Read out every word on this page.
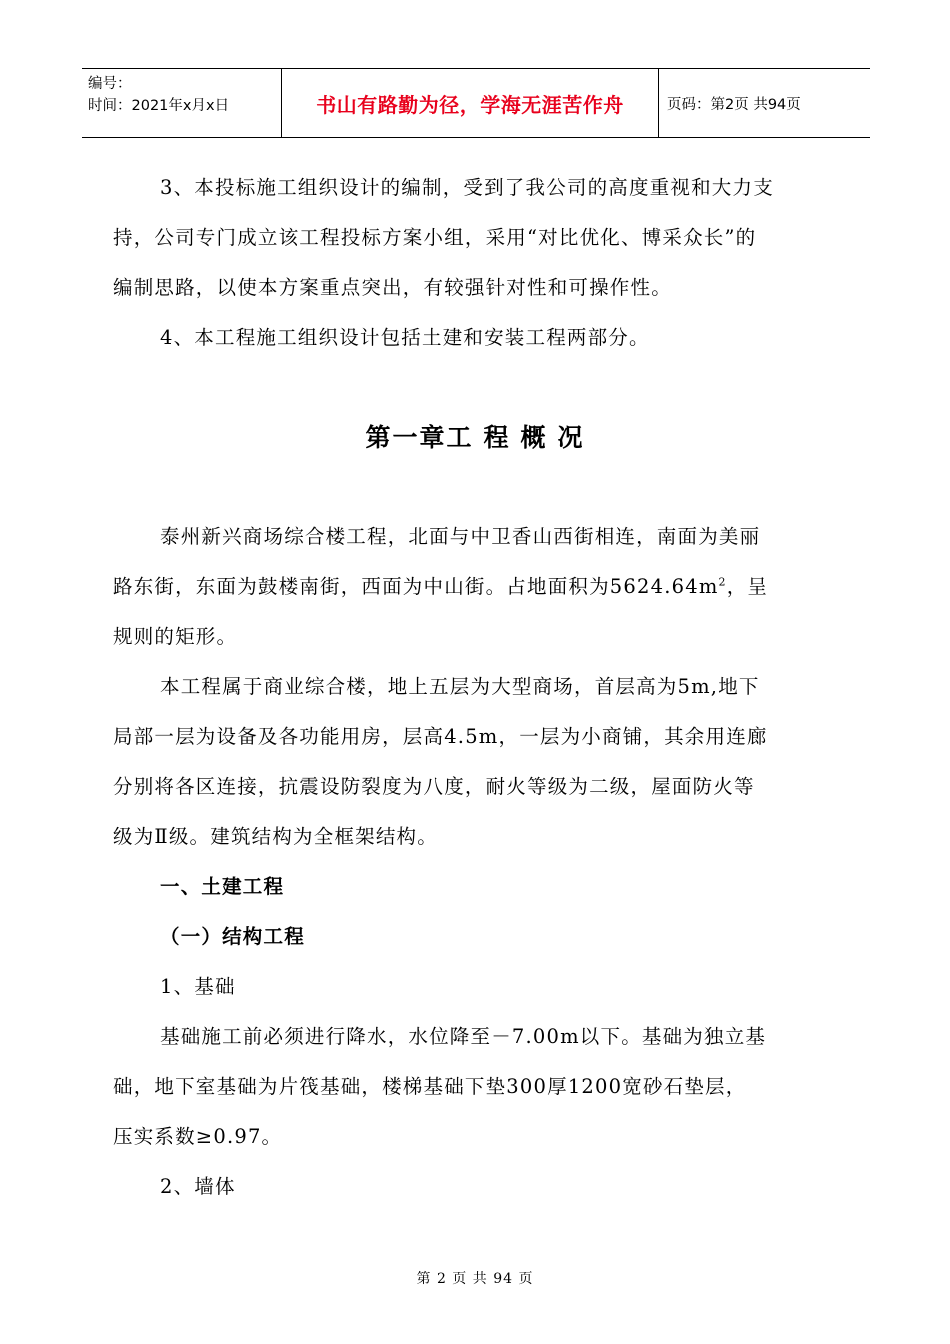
编号：
时间：2021年x月x日	书山有路勤为径，学海无涯苦作舟	页码：第2页 共94页
3、本投标施工组织设计的编制，受到了我公司的高度重视和大力支
持，公司专门成立该工程投标方案小组，采用“对比优化、博采众长”的
编制思路，以使本方案重点突出，有较强针对性和可操作性。
4、本工程施工组织设计包括土建和安装工程两部分。
第一章工 程 概 况
泰州新兴商场综合楼工程，北面与中卫香山西街相连，南面为美丽
路东街，东面为鼓楼南街，西面为中山街。占地面积为$5624.64m^2$，呈
规则的矩形。
本工程属于商业综合楼，地上五层为大型商场，首层高为5m,地下
局部一层为设备及各功能用房，层高4.5m，一层为小商铺，其余用连廊
分别将各区连接，抗震设防裂度为八度，耐火等级为二级，屋面防火等
级为Ⅱ级。建筑结构为全框架结构。
一、土建工程
（一）结构工程
1、基础
基础施工前必须进行降水，水位降至－7.00m以下。基础为独立基
础，地下室基础为片筏基础，楼梯基础下垫300厚1200宽砂石垫层，
压实系数≥0.97。
2、墙体
第 2 页 共 94 页
